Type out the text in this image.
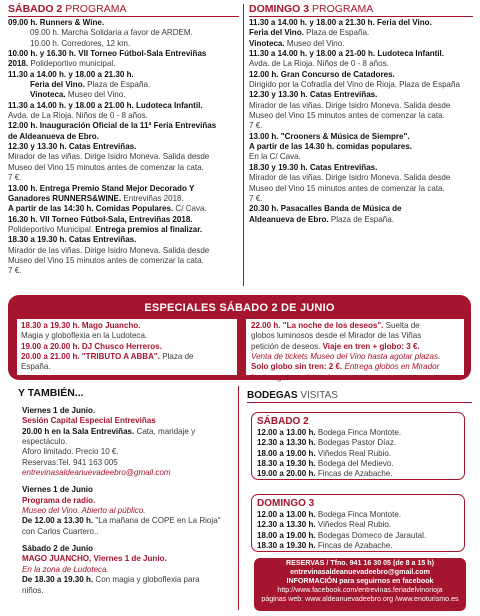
SÁBADO 2 PROGRAMA
09.00 h. Runners & Wine.
09.00 h. Marcha Solidaria a favor de ARDEM.
10.00 h. Corredores, 12 km.
10.00 h. y 16.30 h. VII Torneo Fútbol-Sala Entreviñas
2018. Polideportivo municipal.
11.30 a 14.00 h. y 18.00 a 21.30 h.
Feria del Vino. Plaza de España.
Vinoteca. Museo del Vino.
11.30 a 14.00 h. y 18.00 a 21.00 h. Ludoteca Infantil.
Avda. de La Rioja. Niños de 0 - 8 años.
12.00 h. Inauguración Oficial de la 11ª Feria Entreviñas
de Aldeanueva de Ebro.
12.30 y 13.30 h. Catas Entreviñas.
Mirador de las viñas. Dirige Isidro Moneva. Salida desde
Museo del Vino 15 minutos antes de comenzar la cata.
7 €.
13.00 h. Entrega Premio Stand Mejor Decorado Y
Ganadores RUNNERS&WINE. Entreviñas 2018.
A partir de las 14:30 h. Comidas Populares. C/ Cava.
16.30 h. VII Torneo Fútbol-Sala, Entreviñas 2018.
Polideportivo Municipal. Entrega premios al finalizar.
18.30 a 19.30 h. Catas Entreviñas.
Mirador de las viñas. Dirige Isidro Moneva. Salida desde
Museo del Vino 15 minutos antes de comenzar la cata.
7 €.
DOMINGO 3 PROGRAMA
11.30 a 14.00 h. y 18.00 a 21.30 h. Feria del Vino.
Feria del Vino. Plaza de España.
Vinoteca. Museo del Vino.
11.30 a 14.00 h. y 18.00 a 21-00 h. Ludoteca Infantil.
Avda. de La Rioja. Niños de 0 - 8 años.
12.00 h. Gran Concurso de Catadores.
Dirigido por la Cofradía del Vino de Rioja. Plaza de España
12.30 y 13.30 h. Catas Entreviñas.
Mirador de las viñas. Dirige Isidro Moneva. Salida desde
Museo del Vino 15 minutos antes de comenzar la cata.
7 €.
13.00 h. "Crooners & Música de Siempre".
A partir de las 14.30 h. comidas populares.
En la C/ Cava.
18.30 y 19.30 h. Catas Entreviñas.
Mirador de las viñas. Dirige Isidro Moneva. Salida desde
Museo del Vino 15 minutos antes de comenzar la cata.
7 €.
20.30 h. Pasacalles Banda de Música de
Aldeanueva de Ebro. Plaza de España.
ESPECIALES SÁBADO 2 DE JUNIO
18.30 a 19.30 h. Mago Juancho.
Magia y globoflexia en la Ludoteca.
19.00 a 20.00 h. DJ Chusco Herreros.
20.00 a 21.00 h. "TRIBUTO A ABBA". Plaza de
España.
22.00 h. "La noche de los deseos". Suelta de
globos luminosos desde el Mirador de las Viñas
petición de deseos. Viaje en tren + globo: 3 €.
Venta de tickets Museo del Vino hasta agotar plazas.
Solo globo sin tren: 2 €. Entrega globos en Mirador
hasta agotar existencias.
Y TAMBIÉN...
Viernes 1 de Junio.
Sesión Capital Especial Entreviñas
20.00 h en la Sala Entreviñas. Cata, maridaje y
espectáculo.
Aforo limitado. Precio 10 €.
Reservas:Tel. 941 163 005
entrevinasaldeanuevadeebro@gmail.com
Viernes 1 de Junio
Programa de radio.
Museo del Vino. Abierto al público.
De 12.00 a 13.30 h. "La mañana de COPE en La Rioja"
con Carlos Cuartero..
Sábado 2 de Junio
MAGO JUANCHO, Viernes 1 de Junio.
En la zona de Ludoteca.
De 18.30 a 19.30 h. Con magia y globoflexia para
niños.
BODEGAS VISITAS
SÁBADO 2
12.00 a 13.00 h. Bodega Finca Montote.
12.30 a 13.30 h. Bodegas Pastor Díaz.
18.00 a 19.00 h. Viñedos Real Rubio.
18.30 a 19.30 h. Bodega del Medievo.
19.00 a 20.00 h. Fincas de Azabache.
DOMINGO 3
12.00 a 13.00 h. Bodega Finca Montote.
12.30 a 13.30 h. Viñedos Real Rubio.
18.00 a 19.00 h. Bodegas Domeco de Jarautal.
18.30 a 19.30 h. Fincas de Azabache.
RESERVAS / Tfno. 941 16 30 05 (de 8 a 15 h)
entrevinasaldeanuevadeebro@gmail.com
INFORMACIÓN para seguirnos en facebook
http://www.facebook.com/entrevinas.feriadelvinorioja
páginas web: www.aldeanuevadeebro.org /www.enoturismo.es
